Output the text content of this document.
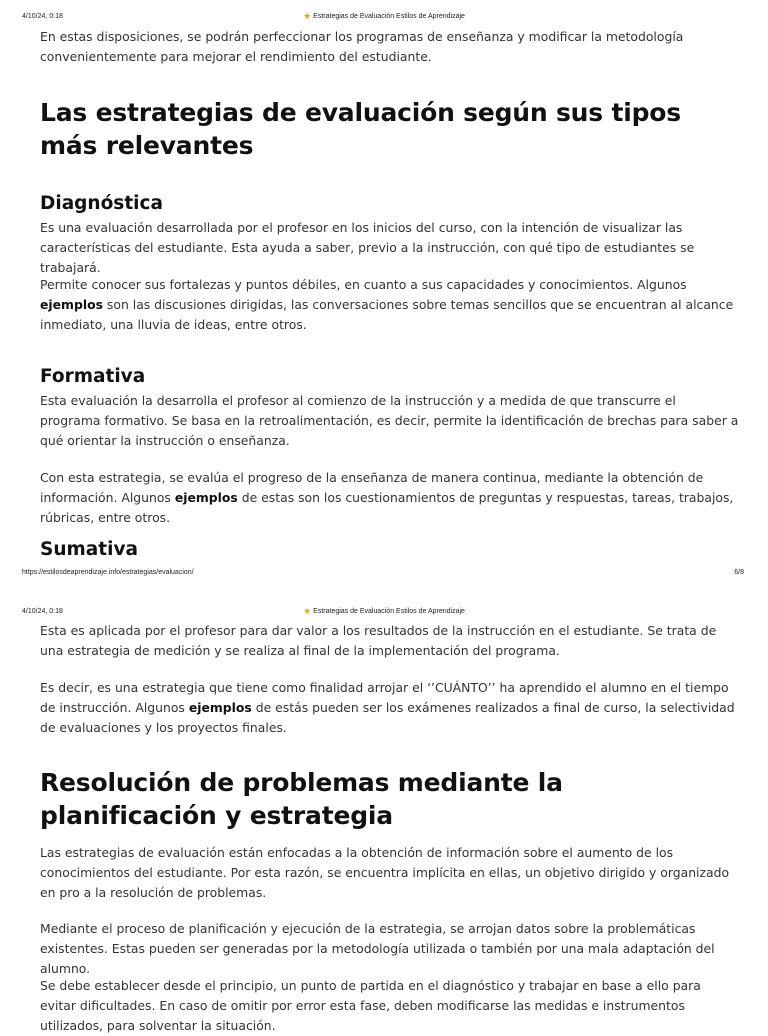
4/10/24, 0:18	★ Estrategias de Evaluación Estilos de Aprendizaje

En estas disposiciones, se podrán perfeccionar los programas de enseñanza y modificar la metodología convenientemente para mejorar el rendimiento del estudiante.

Las estrategias de evaluación según sus tipos más relevantes
Diagnóstica

Es una evaluación desarrollada por el profesor en los inicios del curso, con la intención de visualizar las características del estudiante. Esta ayuda a saber, previo a la instrucción, con qué tipo de estudiantes se trabajará.

Permite conocer sus fortalezas y puntos débiles, en cuanto a sus capacidades y conocimientos. Algunos ejemplos son las discusiones dirigidas, las conversaciones sobre temas sencillos que se encuentran al alcance inmediato, una lluvia de ideas, entre otros.

Formativa

Esta evaluación la desarrolla el profesor al comienzo de la instrucción y a medida de que transcurre el programa formativo. Se basa en la retroalimentación, es decir, permite la identificación de brechas para saber a qué orientar la instrucción o enseñanza.

Con esta estrategia, se evalúa el progreso de la enseñanza de manera continua, mediante la obtención de información. Algunos ejemplos de estas son los cuestionamientos de preguntas y respuestas, tareas, trabajos, rúbricas, entre otros.

Sumativa
https://estilosdeaprendizaje.info/estrategias/evaluacion/	6/8
4/10/24, 0:18	★ Estrategias de Evaluación Estilos de Aprendizaje

Esta es aplicada por el profesor para dar valor a los resultados de la instrucción en el estudiante. Se trata de una estrategia de medición y se realiza al final de la implementación del programa.

Es decir, es una estrategia que tiene como finalidad arrojar el ‘’CUÁNTO’’ ha aprendido el alumno en el tiempo de instrucción. Algunos ejemplos de estás pueden ser los exámenes realizados a final de curso, la selectividad de evaluaciones y los proyectos finales.

Resolución de problemas mediante la planificación y estrategia

Las estrategias de evaluación están enfocadas a la obtención de información sobre el aumento de los conocimientos del estudiante. Por esta razón, se encuentra implícita en ellas, un objetivo dirigido y organizado en pro a la resolución de problemas.

Mediante el proceso de planificación y ejecución de la estrategia, se arrojan datos sobre la problemáticas existentes. Estas pueden ser generadas por la metodología utilizada o también por una mala adaptación del alumno.

Se debe establecer desde el principio, un punto de partida en el diagnóstico y trabajar en base a ello para evitar dificultades. En caso de omitir por error esta fase, deben modificarse las medidas e instrumentos utilizados, para solventar la situación.
